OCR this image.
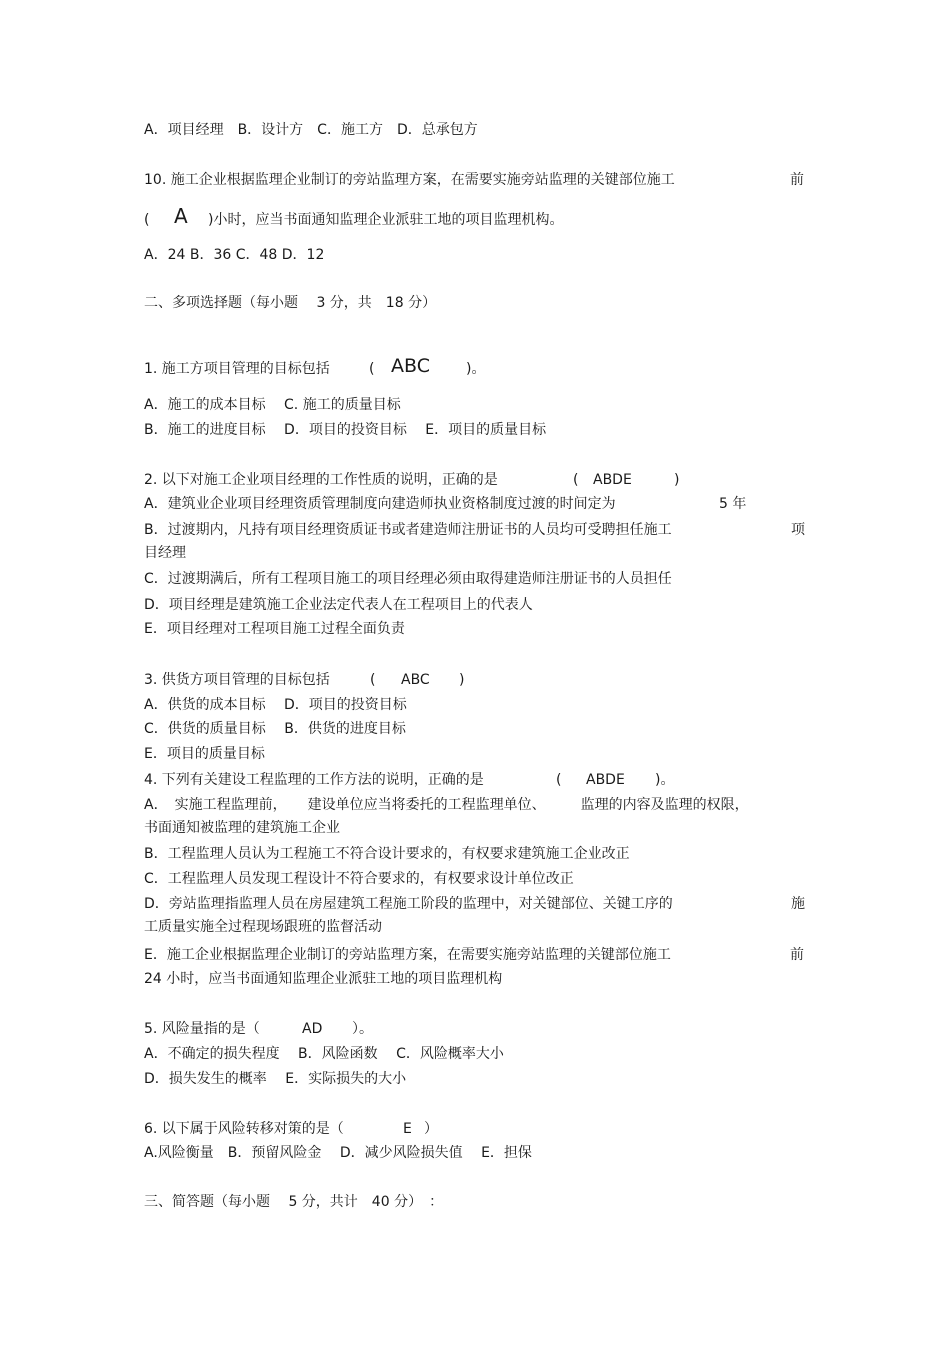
A．项目经理　B．设计方　C．施工方　D．总承包方
10. 施工企业根据监理企业制订的旁站监理方案，在需要实施旁站监理的关键部位施工	前
( A )小时，应当书面通知监理企业派驻工地的项目监理机构。
A．24 B．36 C．48 D．12
二、多项选择题（每小题　 3 分，共　18 分）
1. 施工方项目管理的目标包括	( ABC	)。
A．施工的成本目标　 C. 施工的质量目标
B．施工的进度目标　 D．项目的投资目标　 E．项目的质量目标
2. 以下对施工企业项目经理的工作性质的说明，正确的是	( ABDE	)
A．建筑业企业项目经理资质管理制度向建造师执业资格制度过渡的时间定为	5 年
B．过渡期内，凡持有项目经理资质证书或者建造师注册证书的人员均可受聘担任施工	项
目经理
C．过渡期满后，所有工程项目施工的项目经理必须由取得建造师注册证书的人员担任
D．项目经理是建筑施工企业法定代表人在工程项目上的代表人
E．项目经理对工程项目施工过程全面负责
3. 供货方项目管理的目标包括	( ABC )
A．供货的成本目标　 D．项目的投资目标
C．供货的质量目标　 B．供货的进度目标
E．项目的质量目标
4. 下列有关建设工程监理的工作方法的说明，正确的是	( ABDE )。
A．　实施工程监理前，　　建设单位应当将委托的工程监理单位、　　　监理的内容及监理的权限，
书面通知被监理的建筑施工企业
B．工程监理人员认为工程施工不符合设计要求的，有权要求建筑施工企业改正
C．工程监理人员发现工程设计不符合要求的，有权要求设计单位改正
D．旁站监理指监理人员在房屋建筑工程施工阶段的监理中，对关键部位、关键工序的	施
工质量实施全过程现场跟班的监督活动
E．施工企业根据监理企业制订的旁站监理方案，在需要实施旁站监理的关键部位施工	前
24 小时，应当书面通知监理企业派驻工地的项目监理机构
5. 风险量指的是（	AD ）。
A．不确定的损失程度　 B．风险函数　 C．风险概率大小
D．损失发生的概率　 E．实际损失的大小
6. 以下属于风险转移对策的是（	E ）
A.风险衡量　B．预留风险金　 D．减少风险损失值　 E．担保
三、简答题（每小题　 5 分，共计　40 分）　：
